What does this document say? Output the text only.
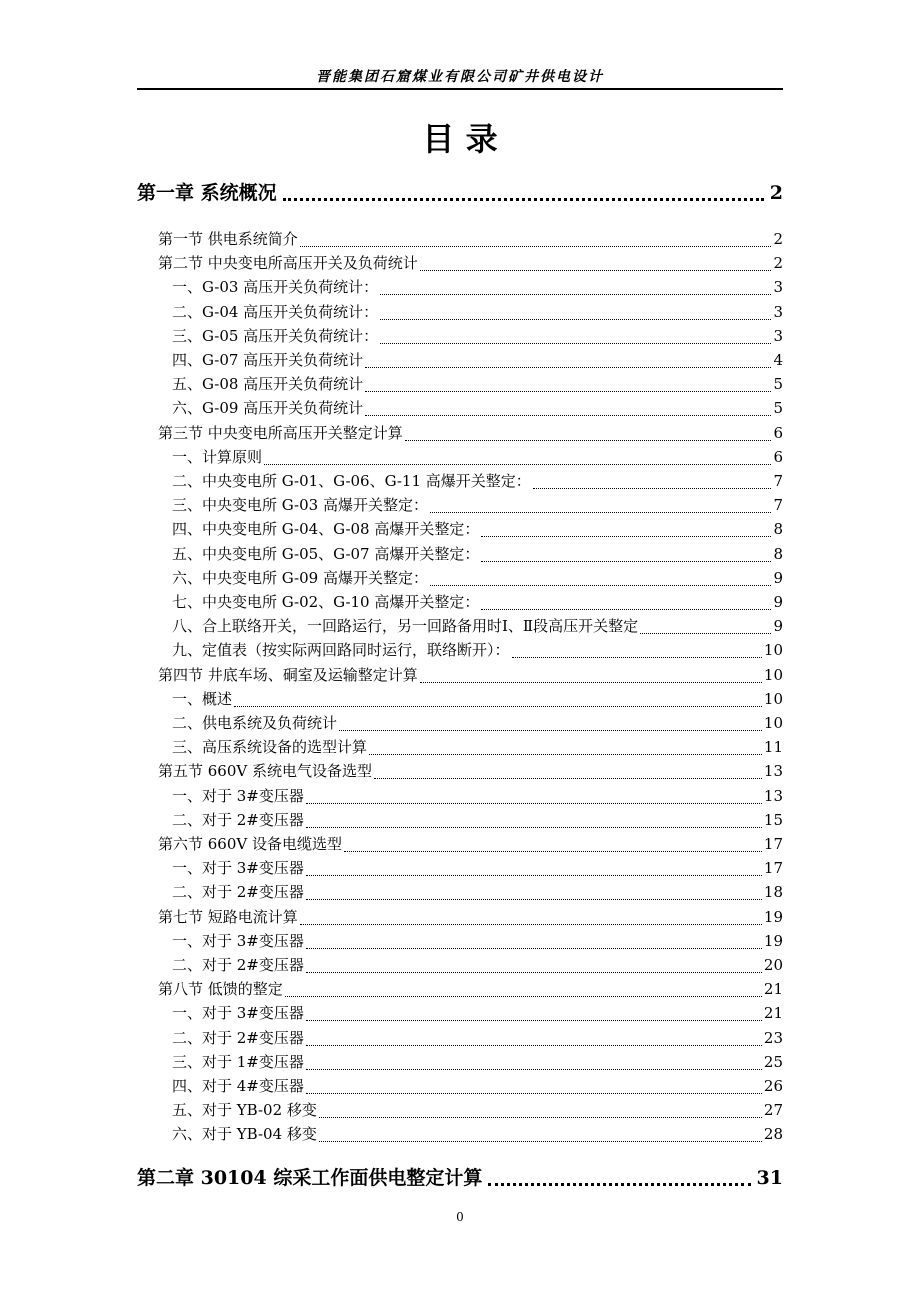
晋能集团石窟煤业有限公司矿井供电设计
目 录
第一章 系统概况	2
第一节 供电系统简介	2
第二节 中央变电所高压开关及负荷统计	2
一、G-03 高压开关负荷统计：	3
二、G-04 高压开关负荷统计：	3
三、G-05 高压开关负荷统计：	3
四、G-07 高压开关负荷统计	4
五、G-08 高压开关负荷统计	5
六、G-09 高压开关负荷统计	5
第三节 中央变电所高压开关整定计算	6
一、计算原则	6
二、中央变电所 G-01、G-06、G-11 高爆开关整定：	7
三、中央变电所 G-03 高爆开关整定：	7
四、中央变电所 G-04、G-08 高爆开关整定：	8
五、中央变电所 G-05、G-07 高爆开关整定：	8
六、中央变电所 G-09 高爆开关整定：	9
七、中央变电所 G-02、G-10 高爆开关整定：	9
八、合上联络开关，一回路运行，另一回路备用时Ⅰ、Ⅱ段高压开关整定	9
九、定值表（按实际两回路同时运行，联络断开）：	10
第四节 井底车场、硐室及运输整定计算	10
一、概述	10
二、供电系统及负荷统计	10
三、高压系统设备的选型计算	11
第五节 660V 系统电气设备选型	13
一、对于 3#变压器	13
二、对于 2#变压器	15
第六节 660V 设备电缆选型	17
一、对于 3#变压器	17
二、对于 2#变压器	18
第七节 短路电流计算	19
一、对于 3#变压器	19
二、对于 2#变压器	20
第八节 低馈的整定	21
一、对于 3#变压器	21
二、对于 2#变压器	23
三、对于 1#变压器	25
四、对于 4#变压器	26
五、对于 YB-02 移变	27
六、对于 YB-04 移变	28
第二章 30104 综采工作面供电整定计算	31
0
